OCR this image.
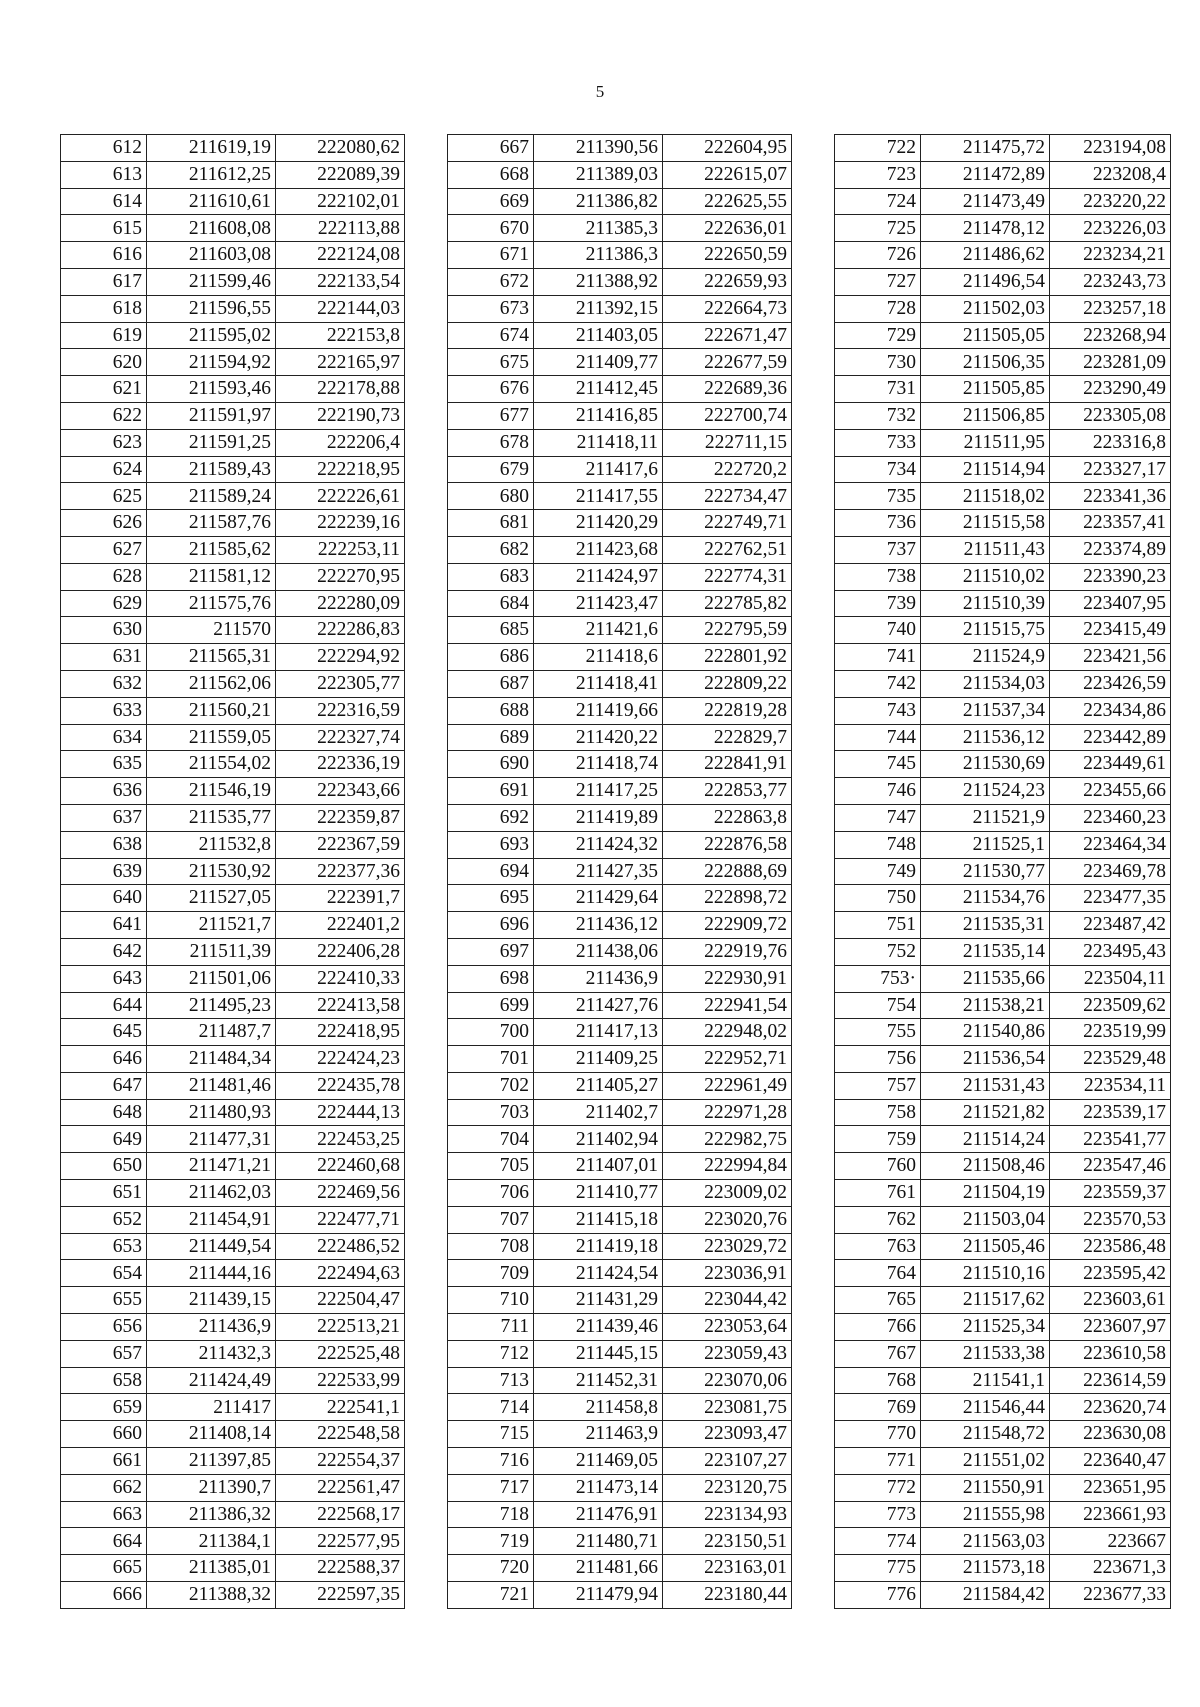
5
612	211619,19	222080,62
613	211612,25	222089,39
614	211610,61	222102,01
615	211608,08	222113,88
616	211603,08	222124,08
617	211599,46	222133,54
618	211596,55	222144,03
619	211595,02	222153,8
620	211594,92	222165,97
621	211593,46	222178,88
622	211591,97	222190,73
623	211591,25	222206,4
624	211589,43	222218,95
625	211589,24	222226,61
626	211587,76	222239,16
627	211585,62	222253,11
628	211581,12	222270,95
629	211575,76	222280,09
630	211570	222286,83
631	211565,31	222294,92
632	211562,06	222305,77
633	211560,21	222316,59
634	211559,05	222327,74
635	211554,02	222336,19
636	211546,19	222343,66
637	211535,77	222359,87
638	211532,8	222367,59
639	211530,92	222377,36
640	211527,05	222391,7
641	211521,7	222401,2
642	211511,39	222406,28
643	211501,06	222410,33
644	211495,23	222413,58
645	211487,7	222418,95
646	211484,34	222424,23
647	211481,46	222435,78
648	211480,93	222444,13
649	211477,31	222453,25
650	211471,21	222460,68
651	211462,03	222469,56
652	211454,91	222477,71
653	211449,54	222486,52
654	211444,16	222494,63
655	211439,15	222504,47
656	211436,9	222513,21
657	211432,3	222525,48
658	211424,49	222533,99
659	211417	222541,1
660	211408,14	222548,58
661	211397,85	222554,37
662	211390,7	222561,47
663	211386,32	222568,17
664	211384,1	222577,95
665	211385,01	222588,37
666	211388,32	222597,35
667	211390,56	222604,95
668	211389,03	222615,07
669	211386,82	222625,55
670	211385,3	222636,01
671	211386,3	222650,59
672	211388,92	222659,93
673	211392,15	222664,73
674	211403,05	222671,47
675	211409,77	222677,59
676	211412,45	222689,36
677	211416,85	222700,74
678	211418,11	222711,15
679	211417,6	222720,2
680	211417,55	222734,47
681	211420,29	222749,71
682	211423,68	222762,51
683	211424,97	222774,31
684	211423,47	222785,82
685	211421,6	222795,59
686	211418,6	222801,92
687	211418,41	222809,22
688	211419,66	222819,28
689	211420,22	222829,7
690	211418,74	222841,91
691	211417,25	222853,77
692	211419,89	222863,8
693	211424,32	222876,58
694	211427,35	222888,69
695	211429,64	222898,72
696	211436,12	222909,72
697	211438,06	222919,76
698	211436,9	222930,91
699	211427,76	222941,54
700	211417,13	222948,02
701	211409,25	222952,71
702	211405,27	222961,49
703	211402,7	222971,28
704	211402,94	222982,75
705	211407,01	222994,84
706	211410,77	223009,02
707	211415,18	223020,76
708	211419,18	223029,72
709	211424,54	223036,91
710	211431,29	223044,42
711	211439,46	223053,64
712	211445,15	223059,43
713	211452,31	223070,06
714	211458,8	223081,75
715	211463,9	223093,47
716	211469,05	223107,27
717	211473,14	223120,75
718	211476,91	223134,93
719	211480,71	223150,51
720	211481,66	223163,01
721	211479,94	223180,44
722	211475,72	223194,08
723	211472,89	223208,4
724	211473,49	223220,22
725	211478,12	223226,03
726	211486,62	223234,21
727	211496,54	223243,73
728	211502,03	223257,18
729	211505,05	223268,94
730	211506,35	223281,09
731	211505,85	223290,49
732	211506,85	223305,08
733	211511,95	223316,8
734	211514,94	223327,17
735	211518,02	223341,36
736	211515,58	223357,41
737	211511,43	223374,89
738	211510,02	223390,23
739	211510,39	223407,95
740	211515,75	223415,49
741	211524,9	223421,56
742	211534,03	223426,59
743	211537,34	223434,86
744	211536,12	223442,89
745	211530,69	223449,61
746	211524,23	223455,66
747	211521,9	223460,23
748	211525,1	223464,34
749	211530,77	223469,78
750	211534,76	223477,35
751	211535,31	223487,42
752	211535,14	223495,43
753·	211535,66	223504,11
754	211538,21	223509,62
755	211540,86	223519,99
756	211536,54	223529,48
757	211531,43	223534,11
758	211521,82	223539,17
759	211514,24	223541,77
760	211508,46	223547,46
761	211504,19	223559,37
762	211503,04	223570,53
763	211505,46	223586,48
764	211510,16	223595,42
765	211517,62	223603,61
766	211525,34	223607,97
767	211533,38	223610,58
768	211541,1	223614,59
769	211546,44	223620,74
770	211548,72	223630,08
771	211551,02	223640,47
772	211550,91	223651,95
773	211555,98	223661,93
774	211563,03	223667
775	211573,18	223671,3
776	211584,42	223677,33
